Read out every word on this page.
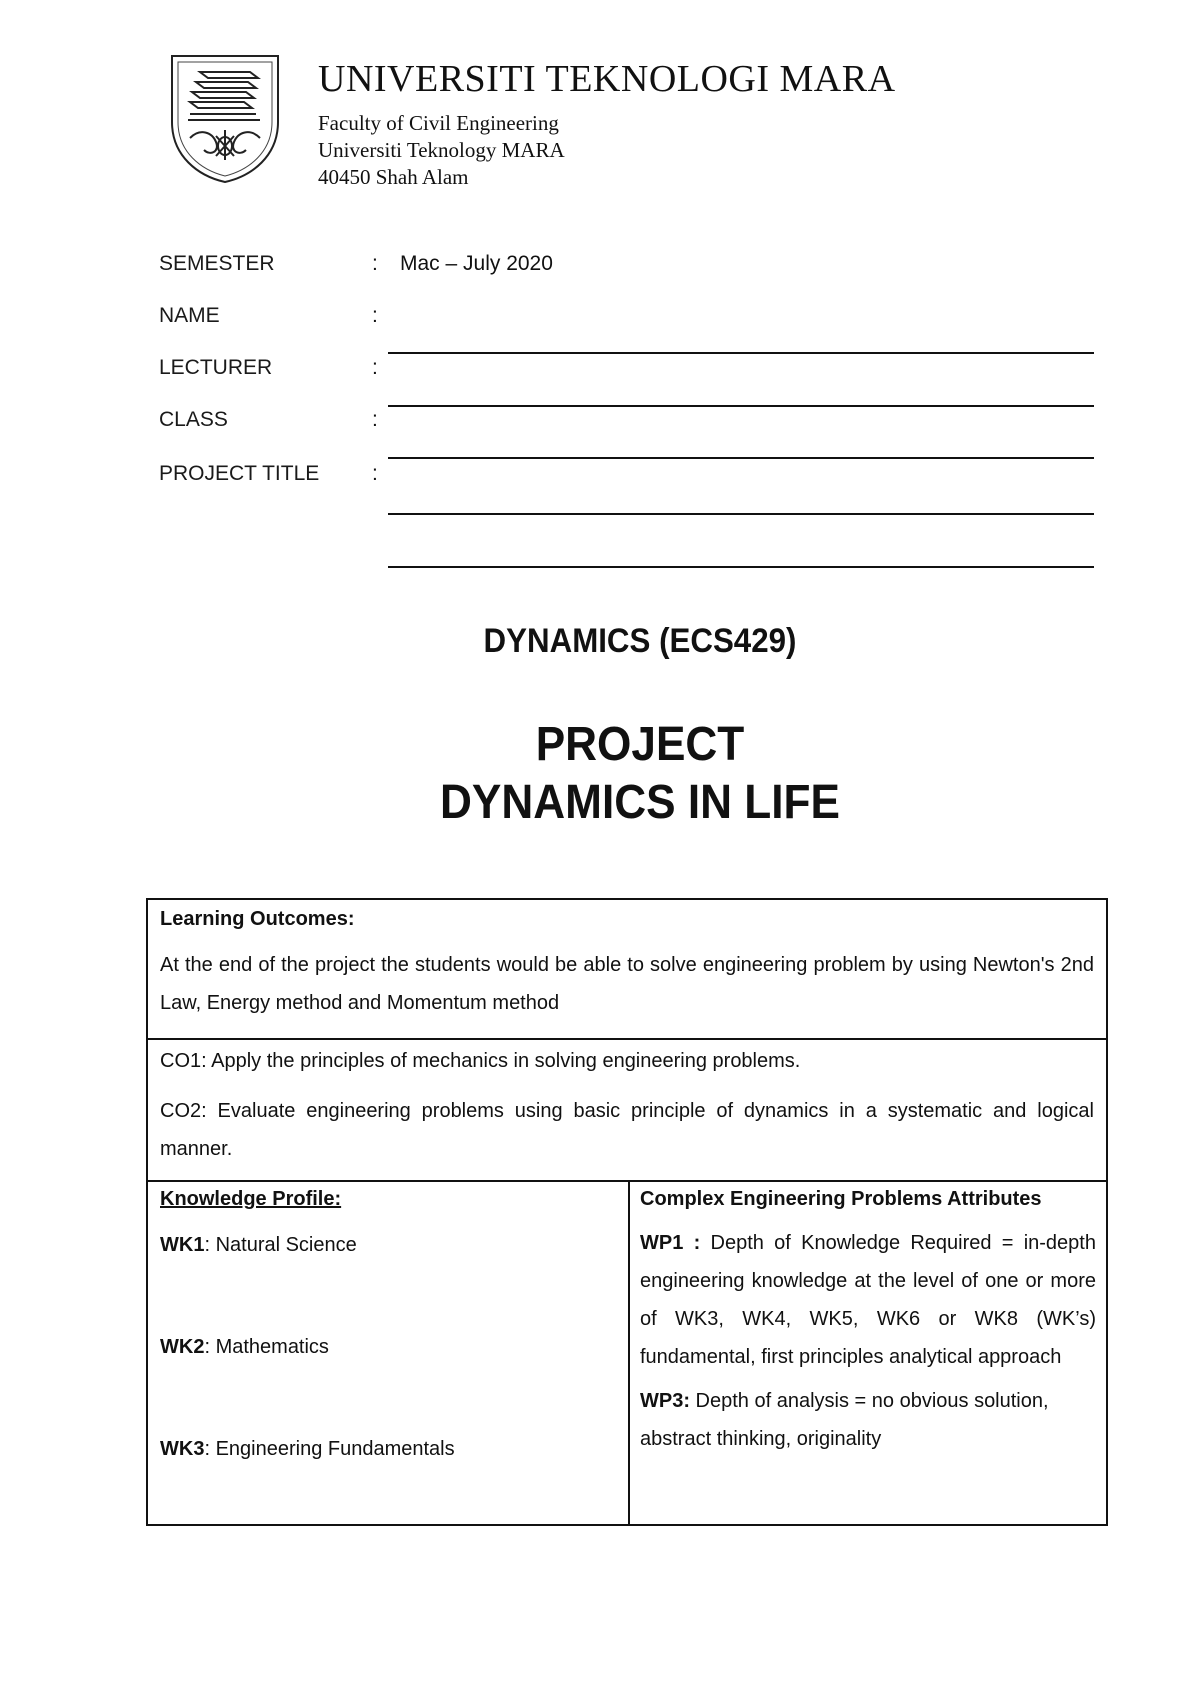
UNIVERSITI TEKNOLOGI MARA
Faculty of Civil Engineering
Universiti Teknology MARA
40450 Shah Alam
SEMESTER	: Mac – July 2020
NAME	:
LECTURER	:
CLASS	:
PROJECT TITLE	:
DYNAMICS (ECS429)
PROJECT
DYNAMICS IN LIFE

Learning Outcomes:

At the end of the project the students would be able to solve engineering problem by using Newton's 2nd Law, Energy method and Momentum method

CO1: Apply the principles of mechanics in solving engineering problems.

CO2: Evaluate engineering problems using basic principle of dynamics in a systematic and logical manner.

Knowledge Profile:
WK1: Natural Science
WK2: Mathematics
WK3: Engineering Fundamentals
Complex Engineering Problems Attributes

WP1 : Depth of Knowledge Required = in-depth engineering knowledge at the level of one or more of WK3, WK4, WK5, WK6 or WK8 (WK’s) fundamental, first principles analytical approach

WP3: Depth of analysis = no obvious solution, abstract thinking, originality
